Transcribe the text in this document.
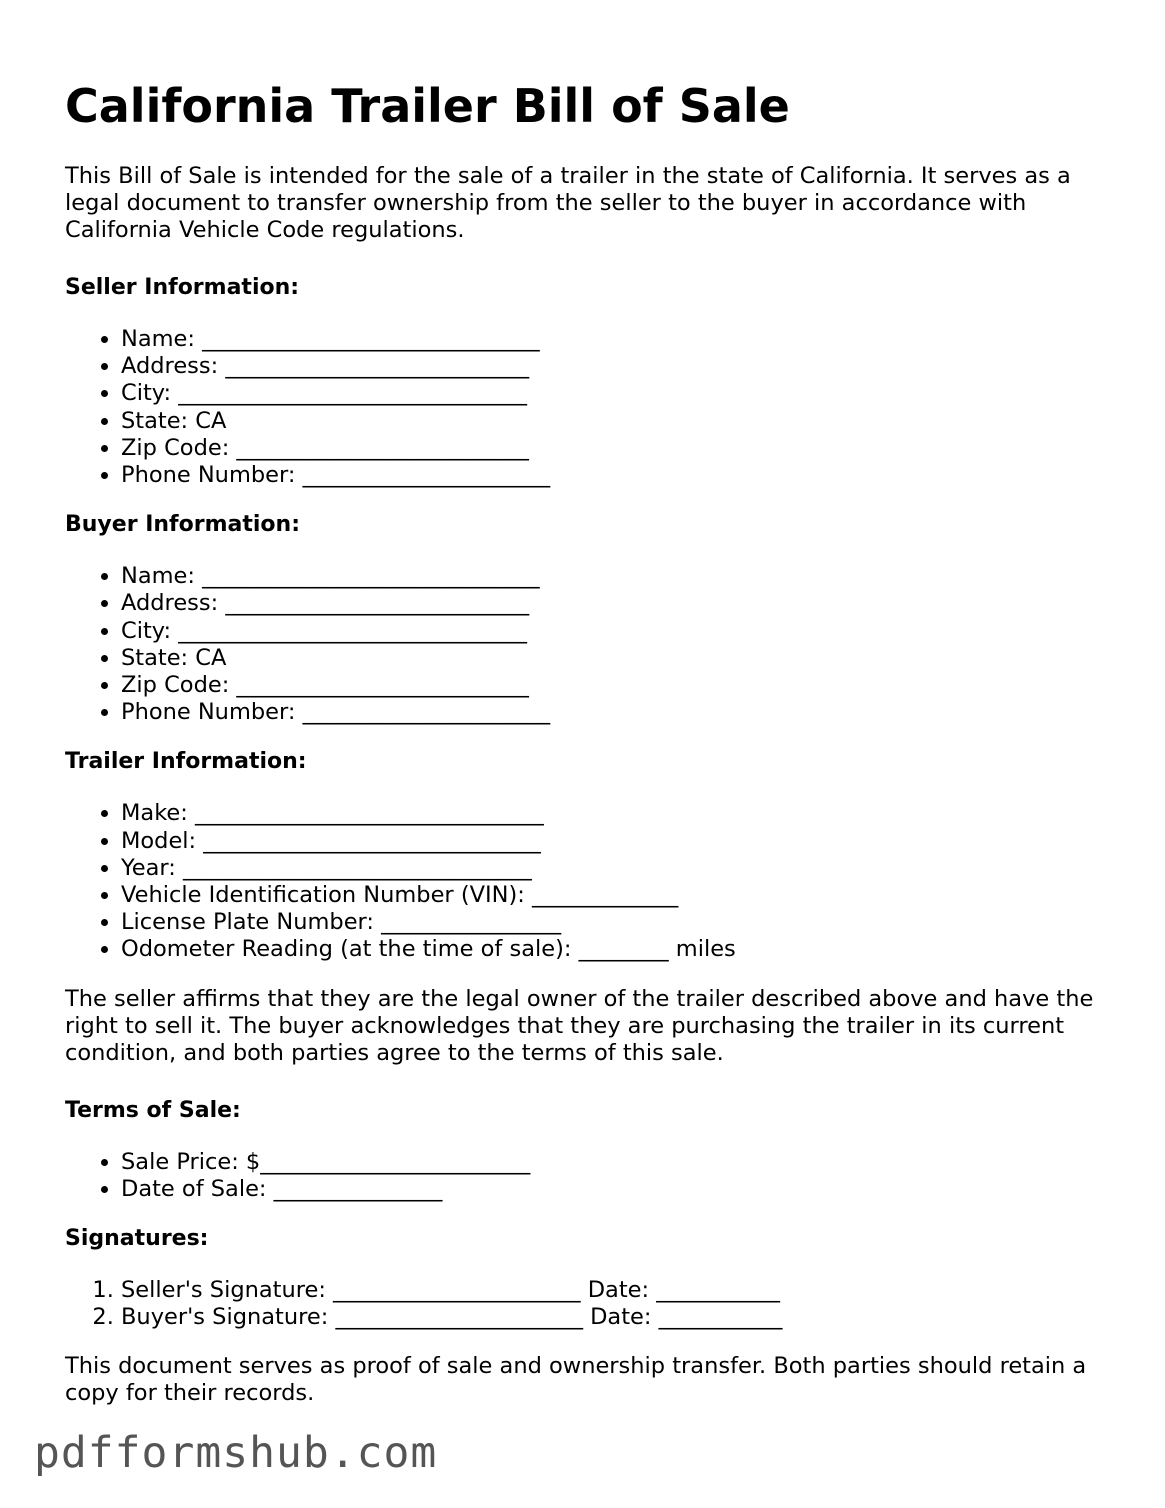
California Trailer Bill of Sale

This Bill of Sale is intended for the sale of a trailer in the state of California. It serves as a legal document to transfer ownership from the seller to the buyer in accordance with California Vehicle Code regulations.

Seller Information:
• Name: ______________________________
• Address: ___________________________
• City: _______________________________
• State: CA
• Zip Code: __________________________
• Phone Number: ______________________
Buyer Information:
• Name: ______________________________
• Address: ___________________________
• City: _______________________________
• State: CA
• Zip Code: __________________________
• Phone Number: ______________________
Trailer Information:
• Make: _______________________________
• Model: ______________________________
• Year: _______________________________
• Vehicle Identification Number (VIN): _____________
• License Plate Number: ________________
• Odometer Reading (at the time of sale): ________ miles

The seller affirms that they are the legal owner of the trailer described above and have the right to sell it. The buyer acknowledges that they are purchasing the trailer in its current condition, and both parties agree to the terms of this sale.

Terms of Sale:
• Sale Price: $________________________
• Date of Sale: _______________
Signatures:
1. Seller's Signature: ______________________ Date: ___________
2. Buyer's Signature: ______________________ Date: ___________

This document serves as proof of sale and ownership transfer. Both parties should retain a copy for their records.

pdfformshub.com
